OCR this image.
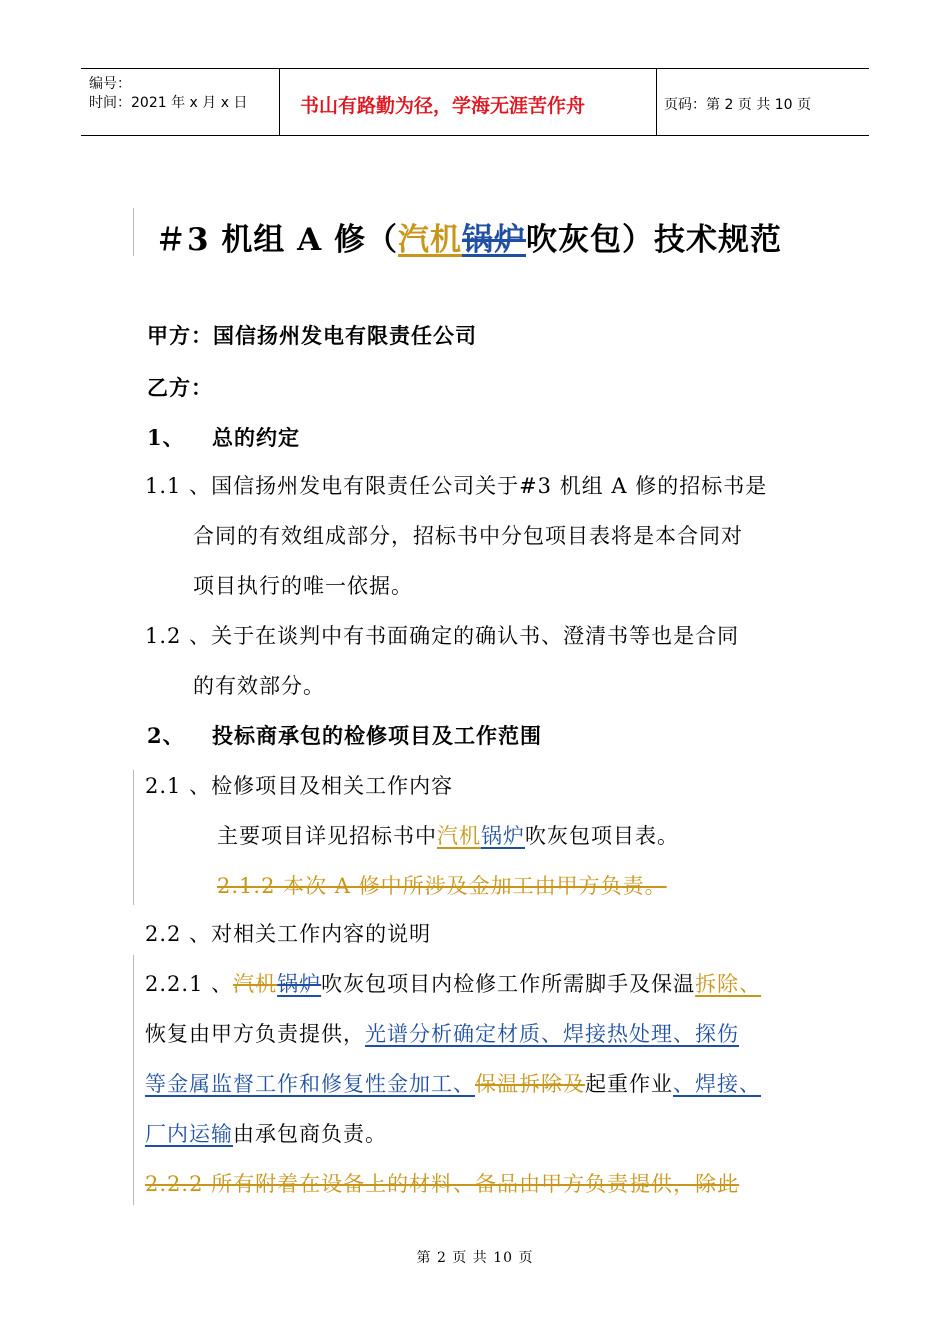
编号：
时间：2021 年 x 月 x 日	书山有路勤为径，学海无涯苦作舟	页码：第 2 页 共 10 页
＃3 机组 A 修（汽机锅炉吹灰包）技术规范
甲方：国信扬州发电有限责任公司
乙方：
1、 总的约定
1.1 、国信扬州发电有限责任公司关于#3 机组 A 修的招标书是
合同的有效组成部分，招标书中分包项目表将是本合同对
项目执行的唯一依据。
1.2 、关于在谈判中有书面确定的确认书、澄清书等也是合同
的有效部分。
2、 投标商承包的检修项目及工作范围
2.1 、检修项目及相关工作内容
主要项目详见招标书中汽机锅炉吹灰包项目表。
2.1.2 本次 A 修中所涉及金加工由甲方负责。
2.2 、对相关工作内容的说明
2.2.1 、汽机锅炉吹灰包项目内检修工作所需脚手及保温拆除、
恢复由甲方负责提供，光谱分析确定材质、焊接热处理、探伤
等金属监督工作和修复性金加工、保温拆除及起重作业、焊接、
厂内运输由承包商负责。
2.2.2 所有附着在设备上的材料、备品由甲方负责提供，除此
第 2 页 共 10 页
